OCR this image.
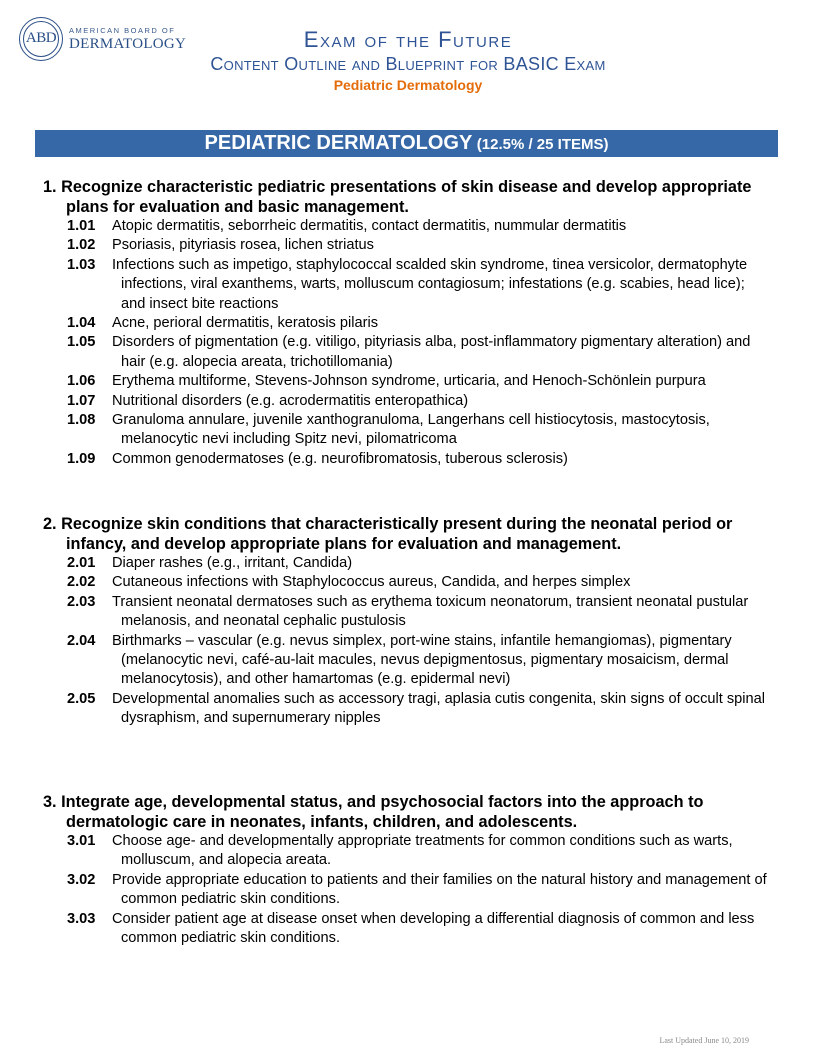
ABD	AMERICAN BOARD OF
DERMATOLOGY	Exam of the Future
Content Outline and Blueprint for BASIC Exam
Pediatric Dermatology
PEDIATRIC DERMATOLOGY (12.5% / 25 ITEMS)
1. Recognize characteristic pediatric presentations of skin disease and develop appropriate plans for evaluation and basic management.
1.01 Atopic dermatitis, seborrheic dermatitis, contact dermatitis, nummular dermatitis
1.02 Psoriasis, pityriasis rosea, lichen striatus
1.03 Infections such as impetigo, staphylococcal scalded skin syndrome, tinea versicolor, dermatophyte infections, viral exanthems, warts, molluscum contagiosum; infestations (e.g. scabies, head lice); and insect bite reactions
1.04 Acne, perioral dermatitis, keratosis pilaris
1.05 Disorders of pigmentation (e.g. vitiligo, pityriasis alba, post-inflammatory pigmentary alteration) and hair (e.g. alopecia areata, trichotillomania)
1.06 Erythema multiforme, Stevens-Johnson syndrome, urticaria, and Henoch-Schönlein purpura
1.07 Nutritional disorders (e.g. acrodermatitis enteropathica)
1.08 Granuloma annulare, juvenile xanthogranuloma, Langerhans cell histiocytosis, mastocytosis, melanocytic nevi including Spitz nevi, pilomatricoma
1.09 Common genodermatoses (e.g. neurofibromatosis, tuberous sclerosis)
2. Recognize skin conditions that characteristically present during the neonatal period or infancy, and develop appropriate plans for evaluation and management.
2.01 Diaper rashes (e.g., irritant, Candida)
2.02 Cutaneous infections with Staphylococcus aureus, Candida, and herpes simplex
2.03 Transient neonatal dermatoses such as erythema toxicum neonatorum, transient neonatal pustular melanosis, and neonatal cephalic pustulosis
2.04 Birthmarks – vascular (e.g. nevus simplex, port-wine stains, infantile hemangiomas), pigmentary (melanocytic nevi, café-au-lait macules, nevus depigmentosus, pigmentary mosaicism, dermal melanocytosis), and other hamartomas (e.g. epidermal nevi)
2.05 Developmental anomalies such as accessory tragi, aplasia cutis congenita, skin signs of occult spinal dysraphism, and supernumerary nipples
3. Integrate age, developmental status, and psychosocial factors into the approach to dermatologic care in neonates, infants, children, and adolescents.
3.01 Choose age- and developmentally appropriate treatments for common conditions such as warts, molluscum, and alopecia areata.
3.02 Provide appropriate education to patients and their families on the natural history and management of common pediatric skin conditions.
3.03 Consider patient age at disease onset when developing a differential diagnosis of common and less common pediatric skin conditions.
Last Updated June 10, 2019
